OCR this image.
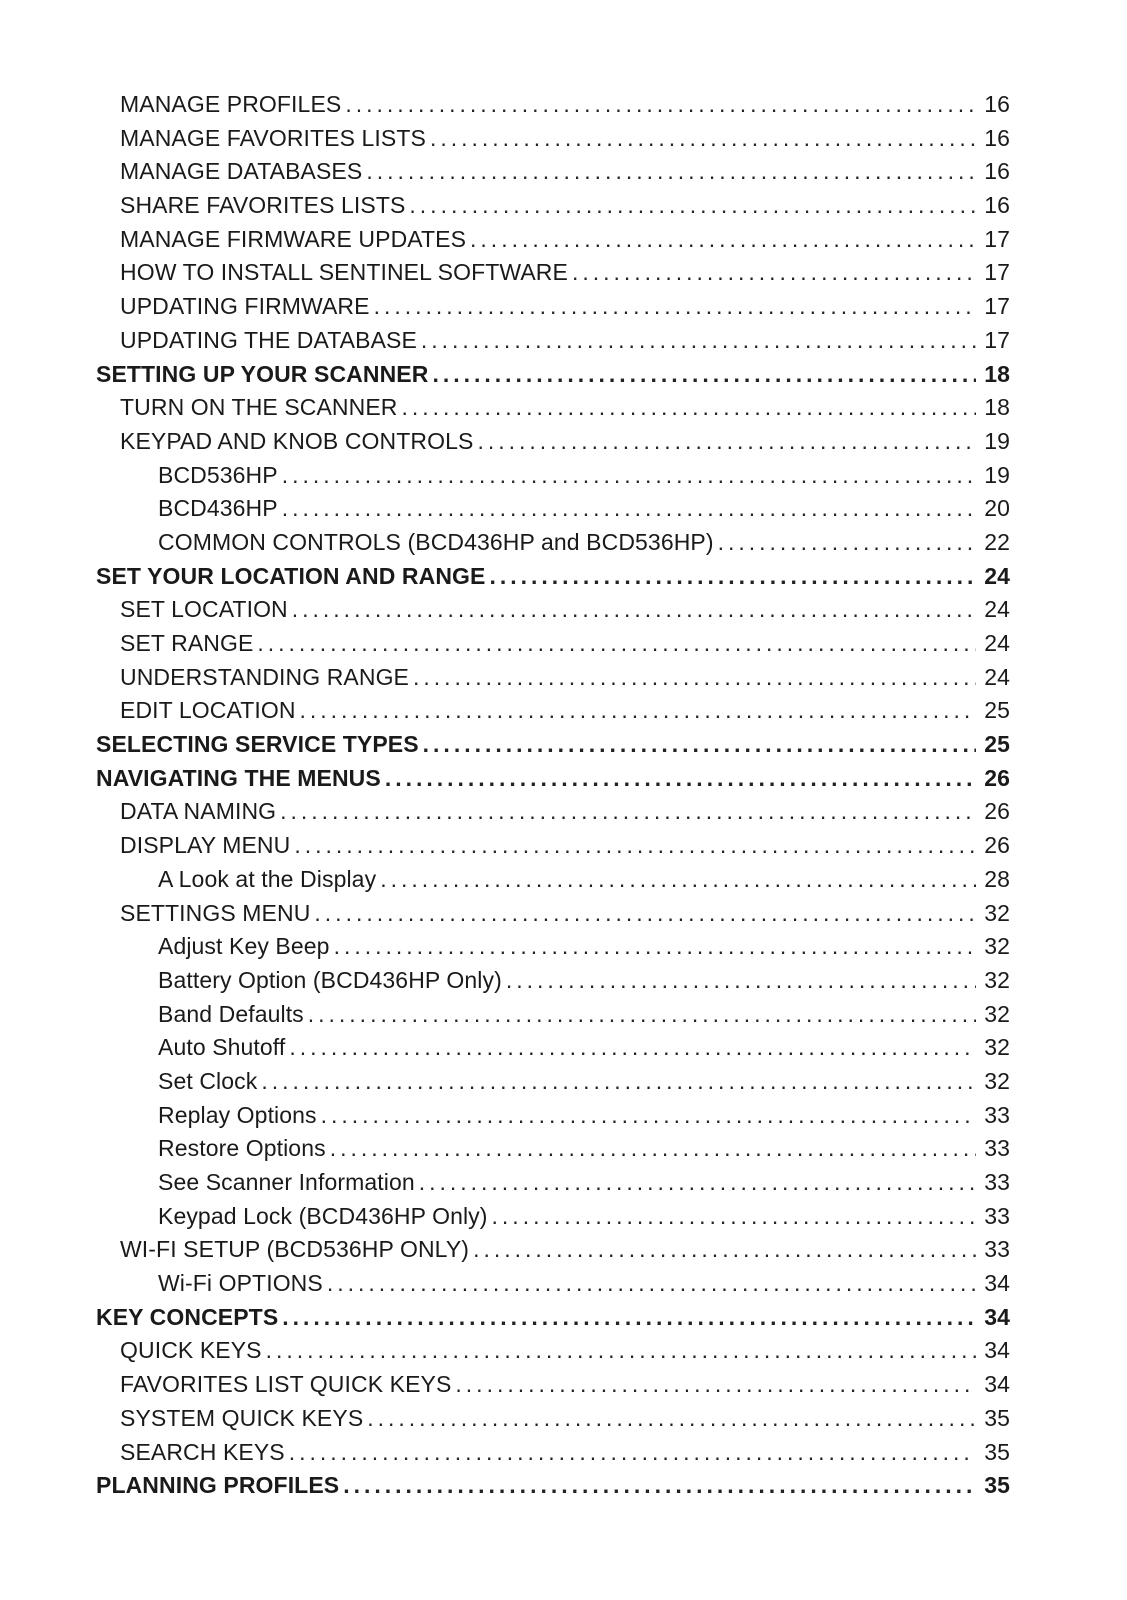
MANAGE PROFILES . . .	16
MANAGE FAVORITES LISTS . . .	16
MANAGE DATABASES . . .	16
SHARE FAVORITES LISTS . . .	16
MANAGE FIRMWARE UPDATES . . .	17
HOW TO INSTALL SENTINEL SOFTWARE . . .	17
UPDATING FIRMWARE . . .	17
UPDATING THE DATABASE . . .	17
SETTING UP YOUR SCANNER . . .	18
TURN ON THE SCANNER . . .	18
KEYPAD AND KNOB CONTROLS . . .	19
BCD536HP . . .	19
BCD436HP . . .	20
COMMON CONTROLS (BCD436HP and BCD536HP) . . .	22
SET YOUR LOCATION AND RANGE . . .	24
SET LOCATION . . .	24
SET RANGE . . .	24
UNDERSTANDING RANGE . . .	24
EDIT LOCATION . . .	25
SELECTING SERVICE TYPES . . .	25
NAVIGATING THE MENUS . . .	26
DATA NAMING . . .	26
DISPLAY MENU . . .	26
A Look at the Display . . .	28
SETTINGS MENU . . .	32
Adjust Key Beep . . .	32
Battery Option (BCD436HP Only) . . .	32
Band Defaults . . .	32
Auto Shutoff . . .	32
Set Clock . . .	32
Replay Options . . .	33
Restore Options . . .	33
See Scanner Information . . .	33
Keypad Lock (BCD436HP Only) . . .	33
WI-FI SETUP (BCD536HP ONLY) . . .	33
Wi-Fi OPTIONS . . .	34
KEY CONCEPTS . . .	34
QUICK KEYS . . .	34
FAVORITES LIST QUICK KEYS . . .	34
SYSTEM QUICK KEYS . . .	35
SEARCH KEYS . . .	35
PLANNING PROFILES . . .	35
